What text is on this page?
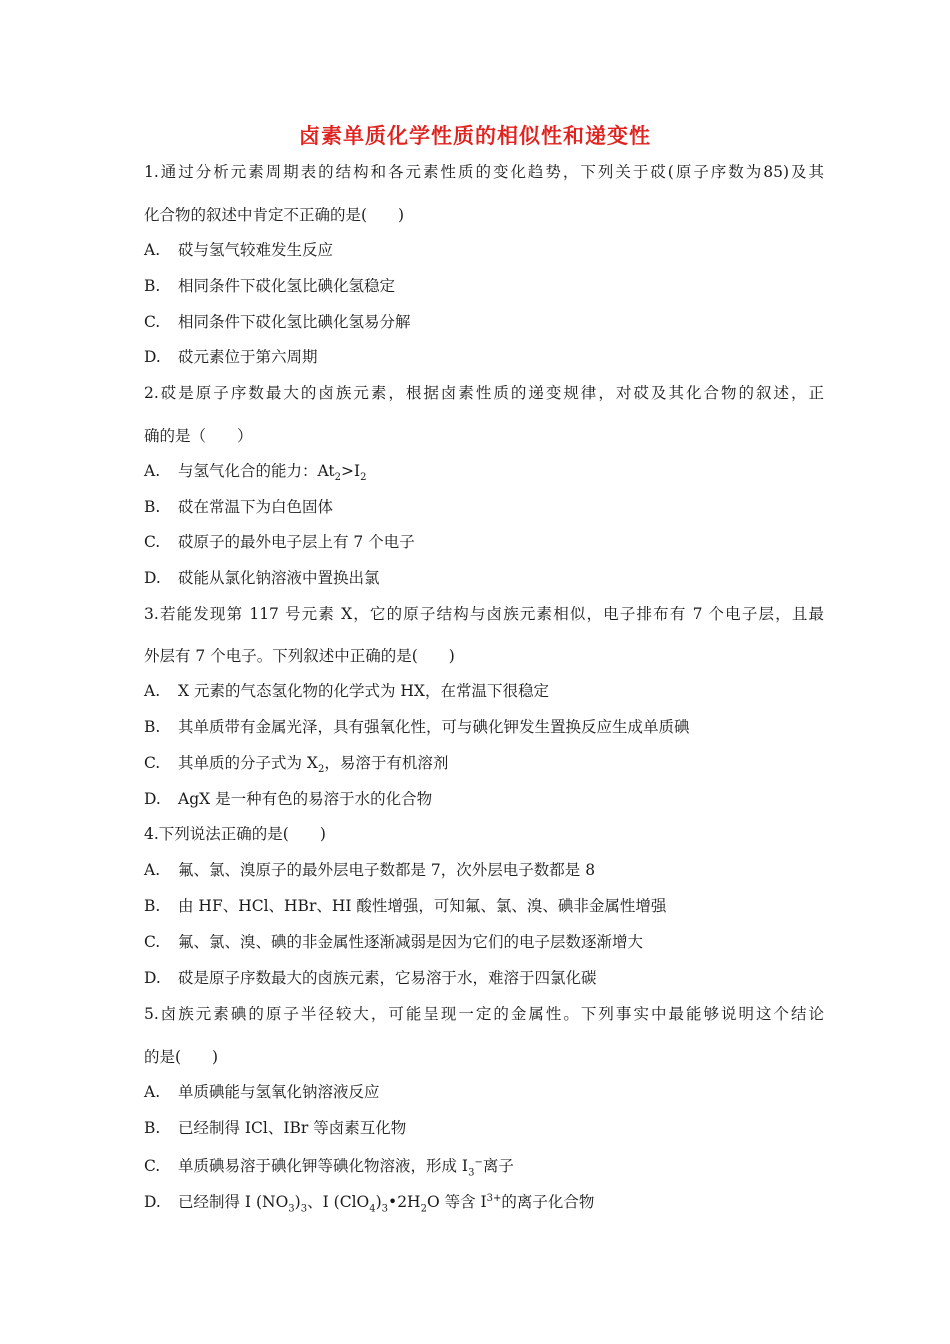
卤素单质化学性质的相似性和递变性
1.通过分析元素周期表的结构和各元素性质的变化趋势，下列关于砹(原子序数为85)及其
化合物的叙述中肯定不正确的是(　　)
A. 砹与氢气较难发生反应
B. 相同条件下砹化氢比碘化氢稳定
C. 相同条件下砹化氢比碘化氢易分解
D. 砹元素位于第六周期
2.砹是原子序数最大的卤族元素，根据卤素性质的递变规律，对砹及其化合物的叙述，正
确的是（　　）
A. 与氢气化合的能力：$At_2>I_2$
B. 砹在常温下为白色固体
C. 砹原子的最外电子层上有 7 个电子
D. 砹能从氯化钠溶液中置换出氯
3.若能发现第 117 号元素 X，它的原子结构与卤族元素相似，电子排布有 7 个电子层，且最
外层有 7 个电子。下列叙述中正确的是(　　)
A. X 元素的气态氢化物的化学式为 HX，在常温下很稳定
B. 其单质带有金属光泽，具有强氧化性，可与碘化钾发生置换反应生成单质碘
C. 其单质的分子式为 $X_2$，易溶于有机溶剂
D. AgX 是一种有色的易溶于水的化合物
4.下列说法正确的是(　　)
A. 氟、氯、溴原子的最外层电子数都是 7，次外层电子数都是 8
B. 由 HF、HCl、HBr、HI 酸性增强，可知氟、氯、溴、碘非金属性增强
C. 氟、氯、溴、碘的非金属性逐渐减弱是因为它们的电子层数逐渐增大
D. 砹是原子序数最大的卤族元素，它易溶于水，难溶于四氯化碳
5.卤族元素碘的原子半径较大，可能呈现一定的金属性。下列事实中最能够说明这个结论
的是(　　)
A. 单质碘能与氢氧化钠溶液反应
B. 已经制得 ICl、IBr 等卤素互化物
C. 单质碘易溶于碘化钾等碘化物溶液，形成 $I_3^-$离子
D. 已经制得 I $(NO_3)_3$、I $(ClO_4)_3•2H_2O$ 等含 $I^{3+}$的离子化合物
